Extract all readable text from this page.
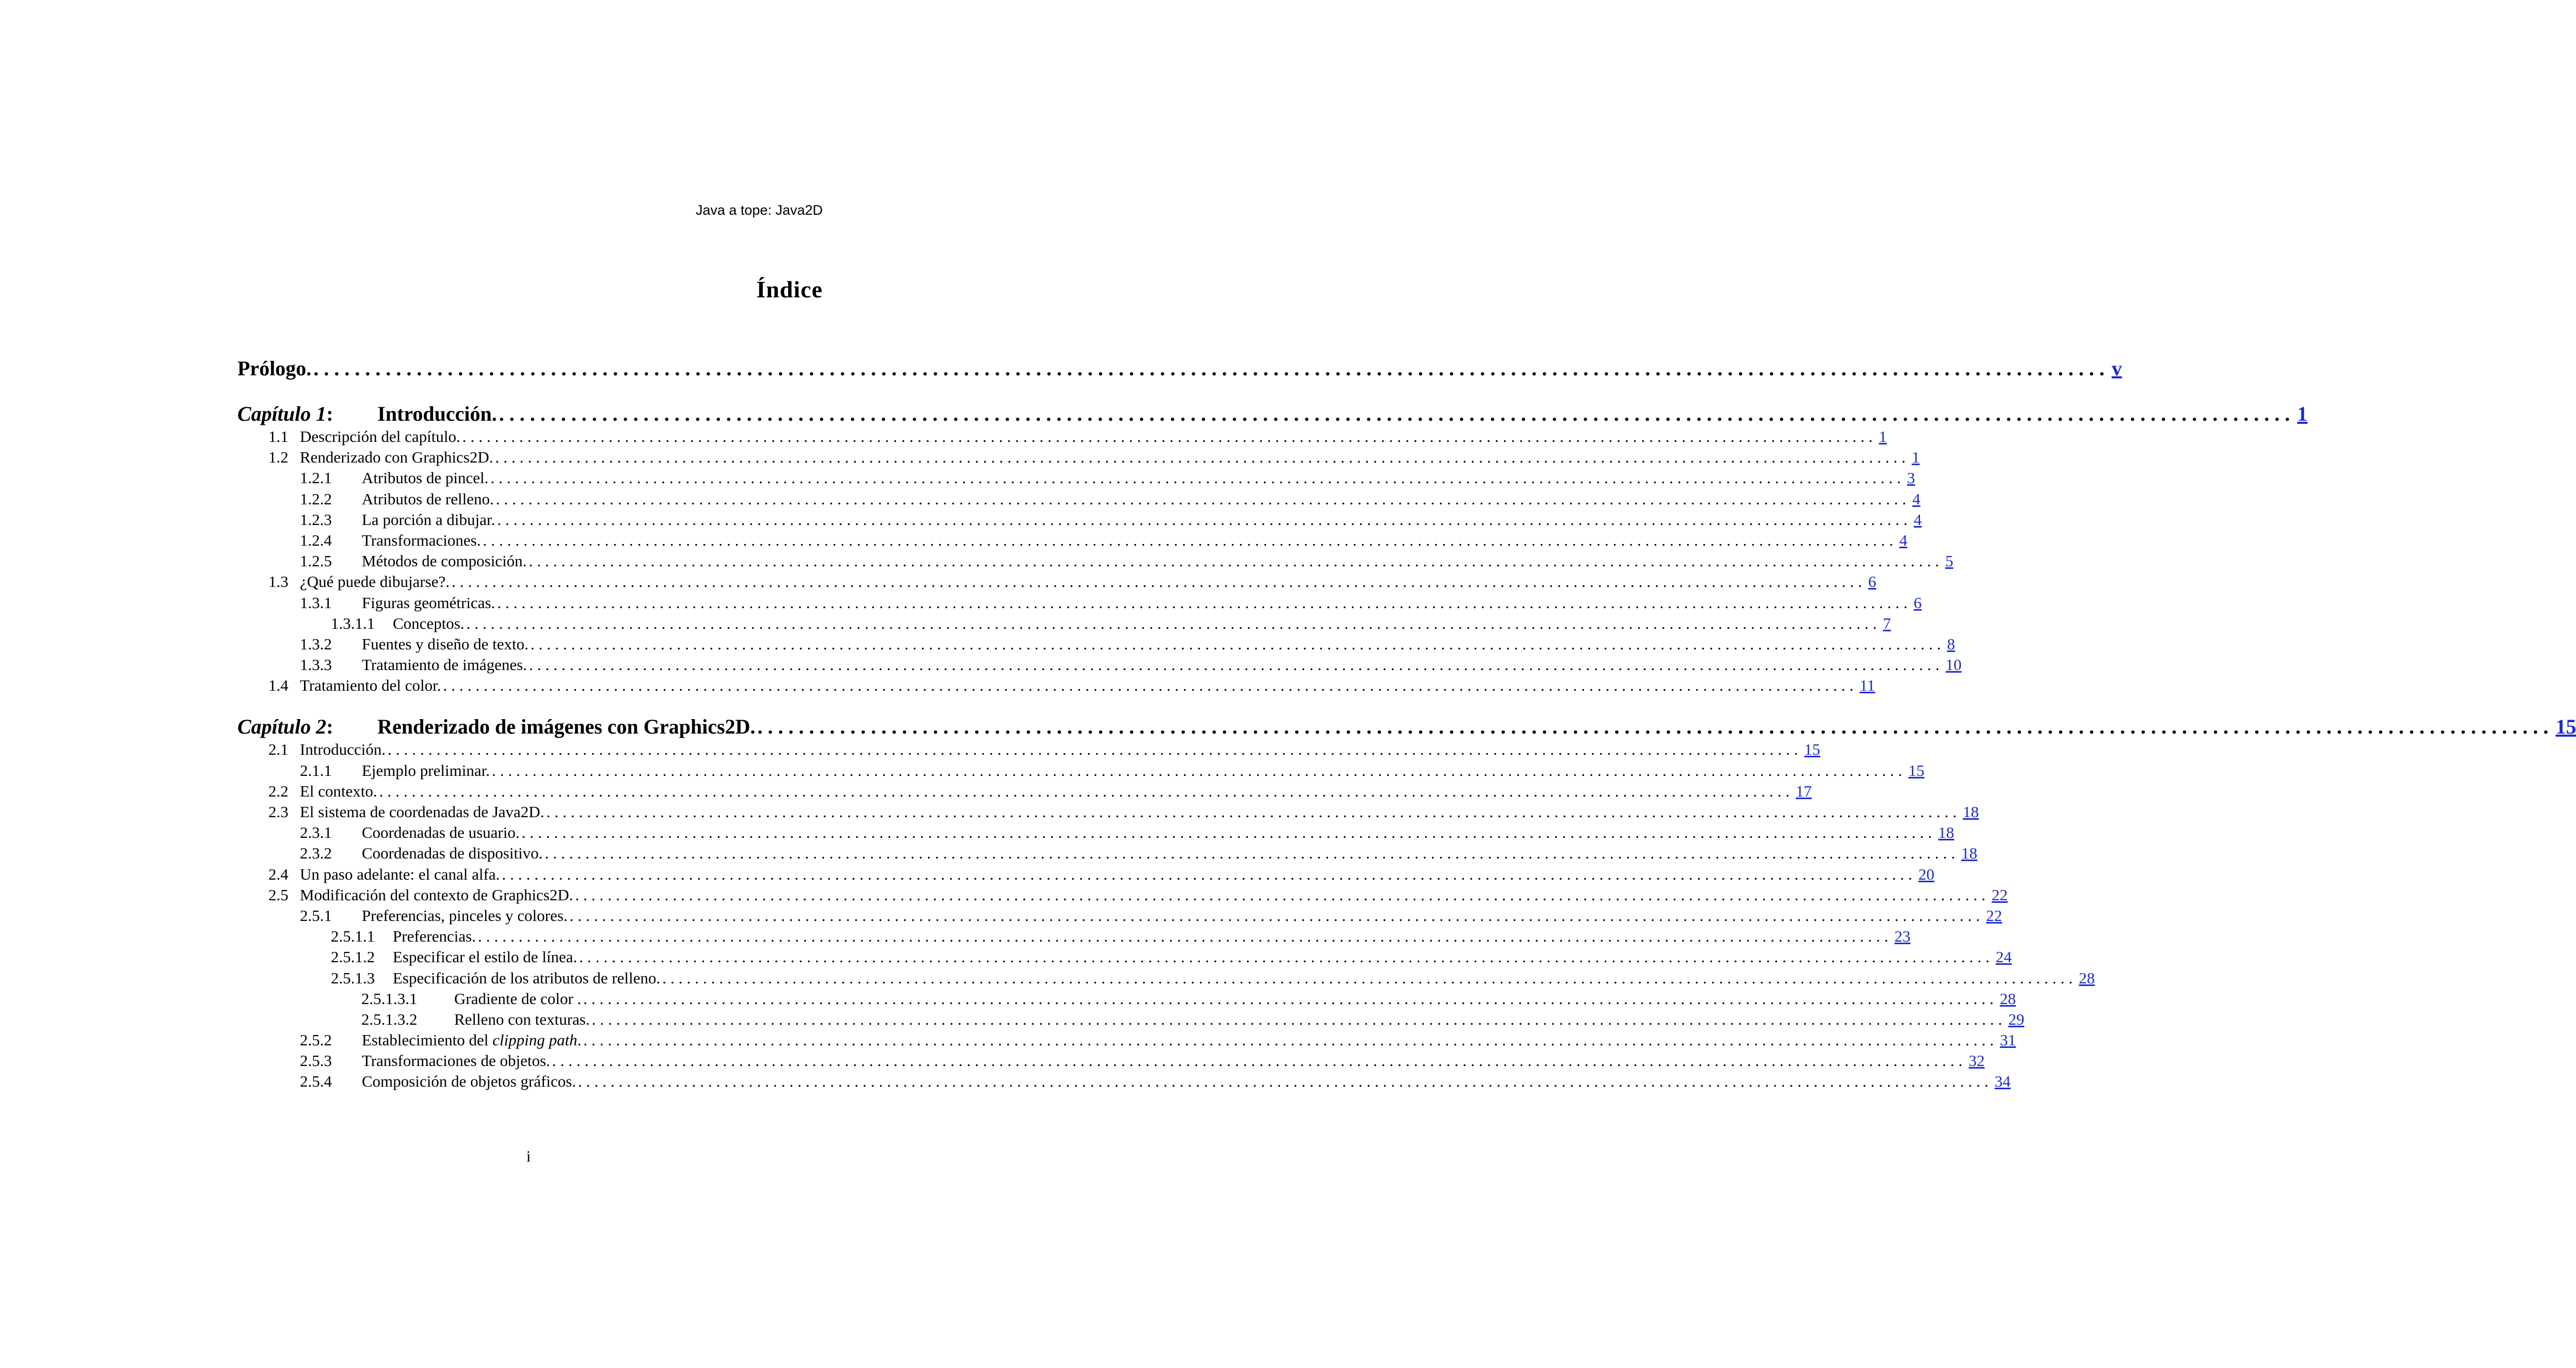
Java a tope: Java2D
Índice
Prólogo. .............................................................................................................................................................................. v
Capítulo 1 :	Introducción. .............................................................................................................................................................................. 1
1.1 Descripción del capítulo. .............................................................................................................................................................................. 1
1.2 Renderizado con Graphics2D. .............................................................................................................................................................................. 1
1.2.1	Atributos de pincel. .............................................................................................................................................................................. 3
1.2.2	Atributos de relleno. .............................................................................................................................................................................. 4
1.2.3	La porción a dibujar. .............................................................................................................................................................................. 4
1.2.4	Transformaciones. .............................................................................................................................................................................. 4
1.2.5	Métodos de composición. .............................................................................................................................................................................. 5
1.3 ¿Qué puede dibujarse?. .............................................................................................................................................................................. 6
1.3.1	Figuras geométricas. .............................................................................................................................................................................. 6
1.3.1.1	Conceptos. .............................................................................................................................................................................. 7
1.3.2	Fuentes y diseño de texto. .............................................................................................................................................................................. 8
1.3.3	Tratamiento de imágenes. .............................................................................................................................................................................. 10
1.4 Tratamiento del color. .............................................................................................................................................................................. 11
Capítulo 2 :	Renderizado de imágenes con Graphics2D. .............................................................................................................................................................................. 15
2.1 Introducción. .............................................................................................................................................................................. 15
2.1.1	Ejemplo preliminar. .............................................................................................................................................................................. 15
2.2 El contexto. .............................................................................................................................................................................. 17
2.3 El sistema de coordenadas de Java2D. .............................................................................................................................................................................. 18
2.3.1	Coordenadas de usuario. .............................................................................................................................................................................. 18
2.3.2	Coordenadas de dispositivo. .............................................................................................................................................................................. 18
2.4 Un paso adelante: el canal alfa. .............................................................................................................................................................................. 20
2.5 Modificación del contexto de Graphics2D. .............................................................................................................................................................................. 22
2.5.1	Preferencias, pinceles y colores. .............................................................................................................................................................................. 22
2.5.1.1	Preferencias. .............................................................................................................................................................................. 23
2.5.1.2	Especificar el estilo de línea. .............................................................................................................................................................................. 24
2.5.1.3	Especificación de los atributos de relleno. .............................................................................................................................................................................. 28
2.5.1.3.1	Gradiente de color . .............................................................................................................................................................................. 28
2.5.1.3.2	Relleno con texturas. .............................................................................................................................................................................. 29
2.5.2	Establecimiento del clipping path. .............................................................................................................................................................................. 31
2.5.3	Transformaciones de objetos. .............................................................................................................................................................................. 32
2.5.4	Composición de objetos gráficos. .............................................................................................................................................................................. 34
i
